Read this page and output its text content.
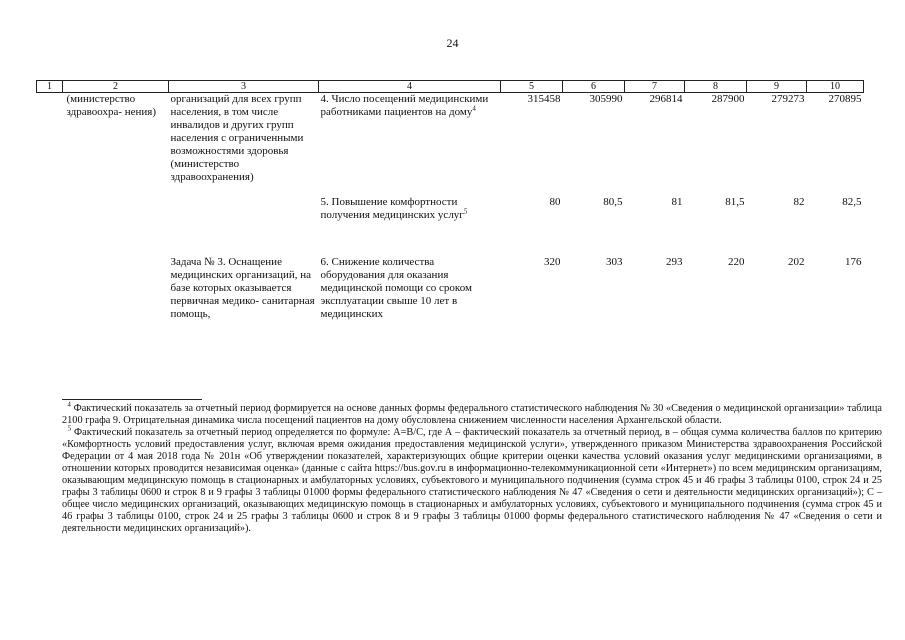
24
1	2	3	4	5	6	7	8	9	10
	(министерство здравоохра- нения)	организаций для всех групп населения, в том числе инвалидов и других групп населения с ограниченными возможностями здоровья (министерство здравоохранения)	4. Число посещений медицинскими работниками пациентов на дому$^4$	315458	305990	296814	287900	279273	270895
			5. Повышение комфортности получения медицинских услуг$^5$	80	80,5	81	81,5	82	82,5
		Задача № 3. Оснащение медицинских организаций, на базе которых оказывается первичная медико- санитарная помощь,	6. Снижение количества оборудования для оказания медицинской помощи со сроком эксплуатации свыше 10 лет в медицинских	320	303	293	220	202	176

$^4$ Фактический показатель за отчетный период формируется на основе данных формы федерального статистического наблюдения № 30 «Сведения о медицинской организации» таблица 2100 графа 9. Отрицательная динамика числа посещений пациентов на дому обусловлена снижением численности населения Архангельской области.

$^5$ Фактический показатель за отчетный период определяется по формуле: А=В/С, где А – фактический показатель за отчетный период, в – общая сумма количества баллов по критерию «Комфортность условий предоставления услуг, включая время ожидания предоставления медицинской услуги», утвержденного приказом Министерства здравоохранения Российской Федерации от 4 мая 2018 года № 201н «Об утверждении показателей, характеризующих общие критерии оценки качества условий оказания услуг медицинскими организациями, в отношении которых проводится независимая оценка» (данные с сайта https://bus.gov.ru в информационно-телекоммуникационной сети «Интернет») по всем медицинским организациям, оказывающим медицинскую помощь в стационарных и амбулаторных условиях, субъектового и муниципального подчинения (сумма строк 45 и 46 графы 3 таблицы 0100, строк 24 и 25 графы 3 таблицы 0600 и строк 8 и 9 графы 3 таблицы 01000 формы федерального статистического наблюдения № 47 «Сведения о сети и деятельности медицинских организаций»); С – общее число медицинских организаций, оказывающих медицинскую помощь в стационарных и амбулаторных условиях, субъектового и муниципального подчинения (сумма строк 45 и 46 графы 3 таблицы 0100, строк 24 и 25 графы 3 таблицы 0600 и строк 8 и 9 графы 3 таблицы 01000 формы федерального статистического наблюдения № 47 «Сведения о сети и деятельности медицинских организаций»).
